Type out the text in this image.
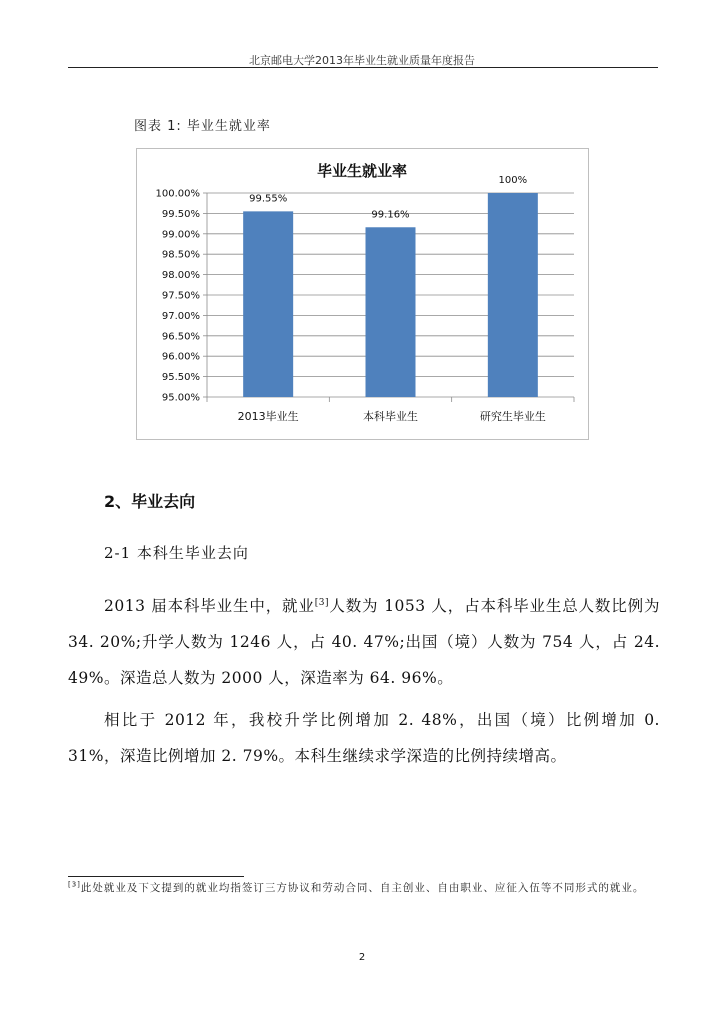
北京邮电大学2013年毕业生就业质量年度报告
图表 1: 毕业生就业率
毕业生就业率
100.00%
99.50%
99.00%
98.50%
98.00%
97.50%
97.00%
96.50%
96.00%
95.50%
95.00%
99.55%
2013毕业生
99.16%
本科毕业生
100%
研究生毕业生
2、毕业去向
2-1 本科生毕业去向
2013 届本科毕业生中，就业[3]人数为 1053 人，占本科毕业生总人数比例为 34. 20%;升学人数为 1246 人，占 40. 47%;出国（境）人数为 754 人，占 24. 49%。深造总人数为 2000 人，深造率为 64. 96%。
相比于 2012 年，我校升学比例增加 2. 48%，出国（境）比例增加 0. 31%，深造比例增加 2. 79%。本科生继续求学深造的比例持续增高。
[3]此处就业及下文提到的就业均指签订三方协议和劳动合同、自主创业、自由职业、应征入伍等不同形式的就业。
2
